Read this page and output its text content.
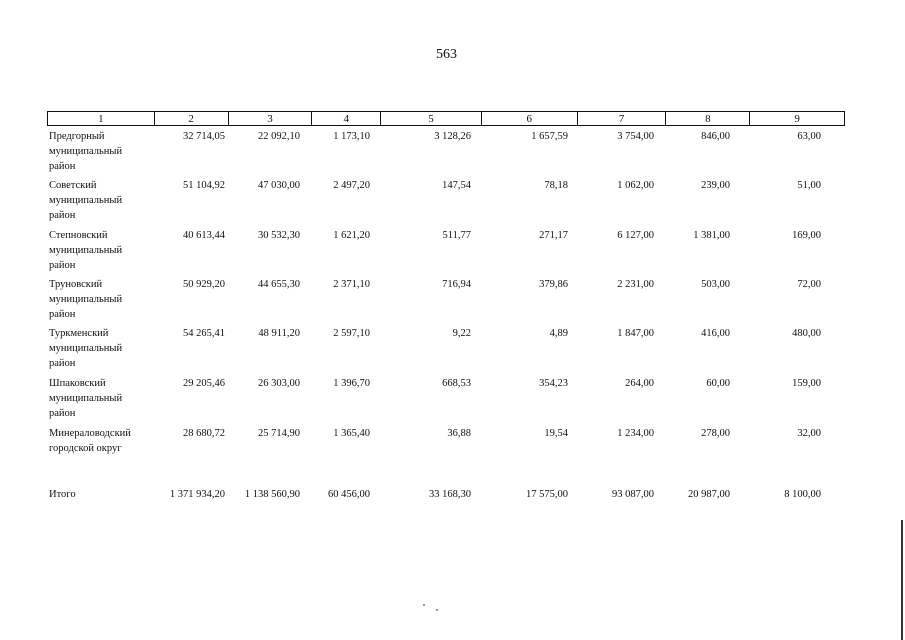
563
1	2	3	4	5	6	7	8	9
Предгорный муниципальный район
32 714,05	22 092,10	1 173,10	3 128,26	1 657,59	3 754,00	846,00	63,00
Советский муниципальный район
51 104,92	47 030,00	2 497,20	147,54	78,18	1 062,00	239,00	51,00
Степновский муниципальный район
40 613,44	30 532,30	1 621,20	511,77	271,17	6 127,00	1 381,00	169,00
Труновский муниципальный район
50 929,20	44 655,30	2 371,10	716,94	379,86	2 231,00	503,00	72,00
Туркменский муниципальный район
54 265,41	48 911,20	2 597,10	9,22	4,89	1 847,00	416,00	480,00
Шпаковский муниципальный район
29 205,46	26 303,00	1 396,70	668,53	354,23	264,00	60,00	159,00
Минераловодский городской округ
28 680,72	25 714,90	1 365,40	36,88	19,54	1 234,00	278,00	32,00
Итого	1 371 934,20	1 138 560,90	60 456,00	33 168,30	17 575,00	93 087,00	20 987,00	8 100,00
